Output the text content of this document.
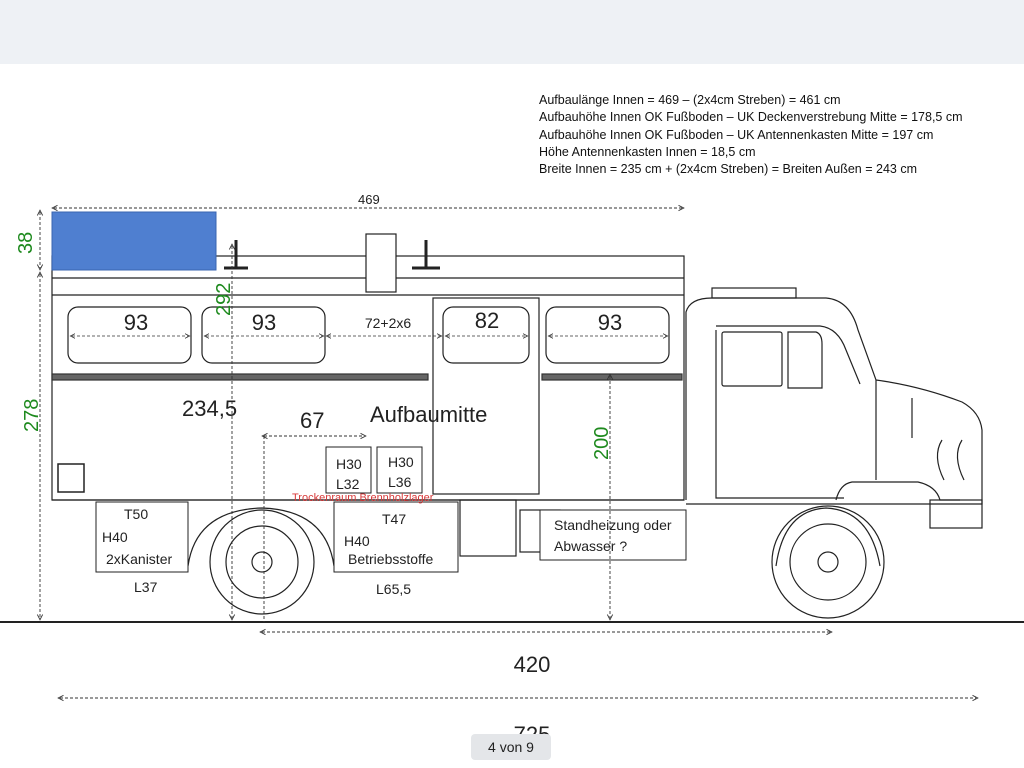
Aufbaulänge Innen = 469 – (2x4cm Streben) = 461 cm
Aufbauhöhe Innen OK Fußboden – UK Deckenverstrebung Mitte = 178,5 cm
Aufbauhöhe Innen OK Fußboden – UK Antennenkasten Mitte = 197 cm
Höhe Antennenkasten Innen = 18,5 cm
Breite Innen = 235 cm + (2x4cm Streben) = Breiten Außen = 243 cm
469
38
278
292
200
420
93	93	72+2x6	82	93
234,5	67 Aufbaumitte
Trockenraum Brennholzlager
H30
L32
H30
L36
T50
H40
2xKanister
L37
T47
H40
Betriebsstoffe
L65,5
Standheizung oder
Abwasser ?
4 von 9
